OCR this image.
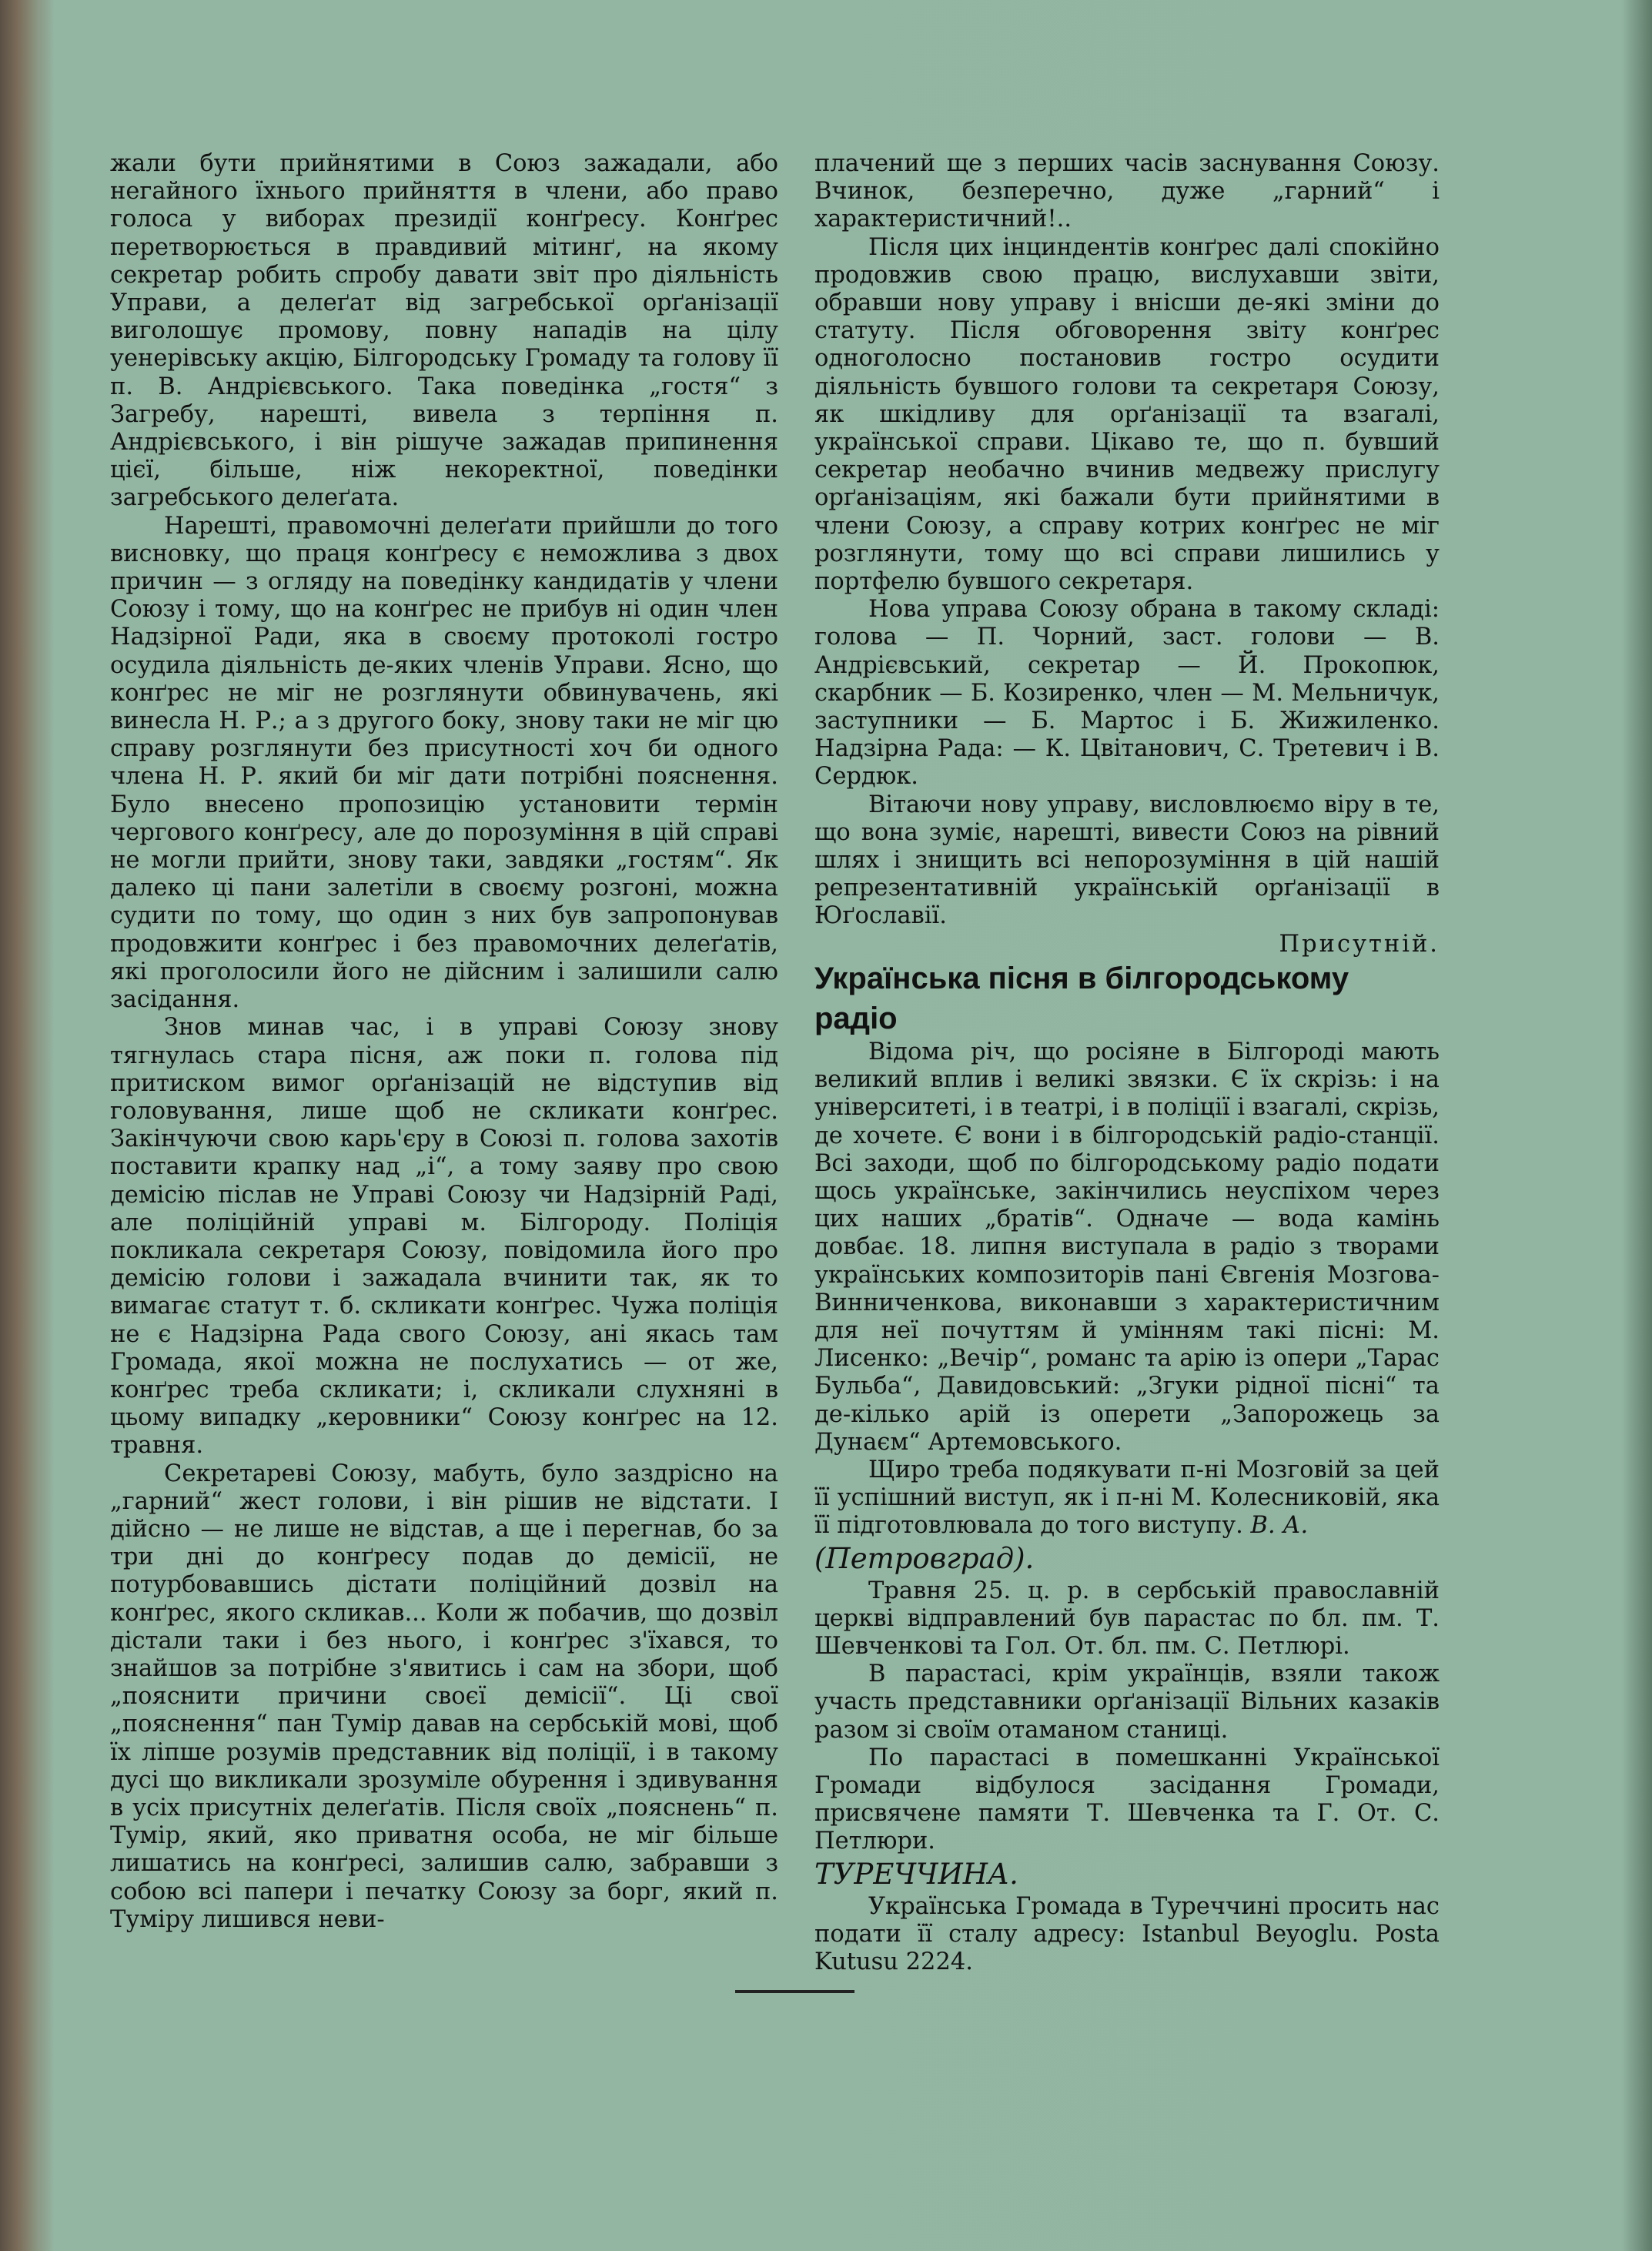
жали бути прийнятими в Союз зажадали, або негайного їхнього прийняття в члени, або право голоса у виборах президії конґресу. Конґрес перетворюється в правдивий мітинґ, на якому секретар робить спробу давати звіт про діяльність Управи, а делеґат від загребської орґанізації виголошує промову, повну нападів на цілу уенерівську акцію, Білгородську Громаду та голову її п. В. Андрієвського. Така поведінка „гостя“ з Загребу, нарешті, вивела з терпіння п. Андрієвського, і він рішуче зажадав припинення цієї, більше, ніж некоректної, поведінки загребського делеґата.

Нарешті, правомочні делеґати прийшли до того висновку, що праця конґресу є неможлива з двох причин — з огляду на поведінку кандидатів у члени Союзу і тому, що на конґрес не прибув ні один член Надзірної Ради, яка в своєму протоколі гостро осудила діяльність де-яких членів Управи. Ясно, що конґрес не міг не розглянути обвинувачень, які винесла Н. Р.; а з другого боку, знову таки не міг цю справу розглянути без присутності хоч би одного члена Н. Р. який би міг дати потрібні пояснення. Було внесено пропозицію установити термін чергового конґресу, але до порозуміння в цій справі не могли прийти, знову таки, завдяки „гостям“. Як далеко ці пани залетіли в своєму розгоні, можна судити по тому, що один з них був запропонував продовжити конґрес і без правомочних делеґатів, які проголосили його не дійсним і залишили салю засідання.

Знов минав час, і в управі Союзу знову тягнулась стара пісня, аж поки п. голова під притиском вимог орґанізацій не відступив від головування, лише щоб не скликати конґрес. Закінчуючи свою карь'єру в Союзі п. голова захотів поставити крапку над „і“, а тому заяву про свою демісію післав не Управі Союзу чи Надзірній Раді, але поліційній управі м. Білгороду. Поліція покликала секретаря Союзу, повідомила його про демісію голови і зажадала вчинити так, як то вимагає статут т. б. скликати конґрес. Чужа поліція не є Надзірна Рада свого Союзу, ані якась там Громада, якої можна не послухатись — от же, конґрес треба скликати; і, скликали слухняні в цьому випадку „керовники“ Союзу конґрес на 12. травня.

Секретареві Союзу, мабуть, було заздрісно на „гарний“ жест голови, і він рішив не відстати. І дійсно — не лише не відстав, а ще і перегнав, бо за три дні до конґресу подав до демісії, не потурбовавшись дістати поліційний дозвіл на конґрес, якого скликав... Коли ж побачив, що дозвіл дістали таки і без нього, і конґрес з'їхався, то знайшов за потрібне з'явитись і сам на збори, щоб „пояснити причини своєї демісії“. Ці свої „пояснення“ пан Тумір давав на сербській мові, щоб їх ліпше розумів представник від поліції, і в такому дусі що викликали зрозуміле обурення і здивування в усіх присутніх делеґатів. Після своїх „пояснень“ п. Тумір, який, яко приватня особа, не міг більше лишатись на конґресі, залишив салю, забравши з собою всі папери і печатку Союзу за борг, який п. Туміру лишився неви-

плачений ще з перших часів заснування Союзу. Вчинок, безперечно, дуже „гарний“ і характеристичний!..

Після цих інциндентів конґрес далі спокійно продовжив свою працю, вислухавши звіти, обравши нову управу і внісши де-які зміни до статуту. Після обговорення звіту конґрес одноголосно постановив гостро осудити діяльність бувшого голови та секретаря Союзу, як шкідливу для орґанізації та взагалі, української справи. Цікаво те, що п. бувший секретар необачно вчинив медвежу прислугу орґанізаціям, які бажали бути прийнятими в члени Союзу, а справу котрих конґрес не міг розглянути, тому що всі справи лишились у портфелю бувшого секретаря.

Нова управа Союзу обрана в такому складі: голова — П. Чорний, заст. голови — В. Андрієвський, секретар — Й. Прокопюк, скарбник — Б. Козиренко, член — М. Мельничук, заступники — Б. Мартос і Б. Жижиленко. Надзірна Рада: — К. Цвітанович, С. Третевич і В. Сердюк.

Вітаючи нову управу, висловлюємо віру в те, що вона зуміє, нарешті, вивести Союз на рівний шлях і знищить всі непорозуміння в цій нашій репрезентативній українській орґанізації в Юґославії.

Присутній.

Українська пісня в білгородському радіо

Відома річ, що росіяне в Білгороді мають великий вплив і великі звязки. Є їх скрізь: і на університеті, і в театрі, і в поліції і взагалі, скрізь, де хочете. Є вони і в білгородській радіо-станції. Всі заходи, щоб по білгородському радіо подати щось українське, закінчились неуспіхом через цих наших „братів“. Одначе — вода камінь довбає. 18. липня виступала в радіо з творами українських композиторів пані Євгенія Мозгова-Винниченкова, виконавши з характеристичним для неї почуттям й умінням такі пісні: М. Лисенко: „Вечір“, романс та арію із опери „Тарас Бульба“, Давидовський: „Згуки рідної пісні“ та де-кілько арій із оперети „Запорожець за Дунаєм“ Артемовського.

Щиро треба подякувати п-ні Мозговій за цей її успішний виступ, як і п-ні М. Колесниковій, яка її підготовлювала до того виступу. В. А.

(Петровград).

Травня 25. ц. р. в сербській православній церкві відправлений був парастас по бл. пм. Т. Шевченкові та Гол. От. бл. пм. С. Петлюрі.

В парастасі, крім українців, взяли також участь представники орґанізації Вільних казаків разом зі своїм отаманом станиці.

По парастасі в помешканні Української Громади відбулося засідання Громади, присвячене памяти Т. Шевченка та Г. От. С. Петлюри.

ТУРЕЧЧИНА.

Українська Громада в Туреччині просить нас подати її сталу адресу: Istanbul Beyoglu. Posta Kutusu 2224.
